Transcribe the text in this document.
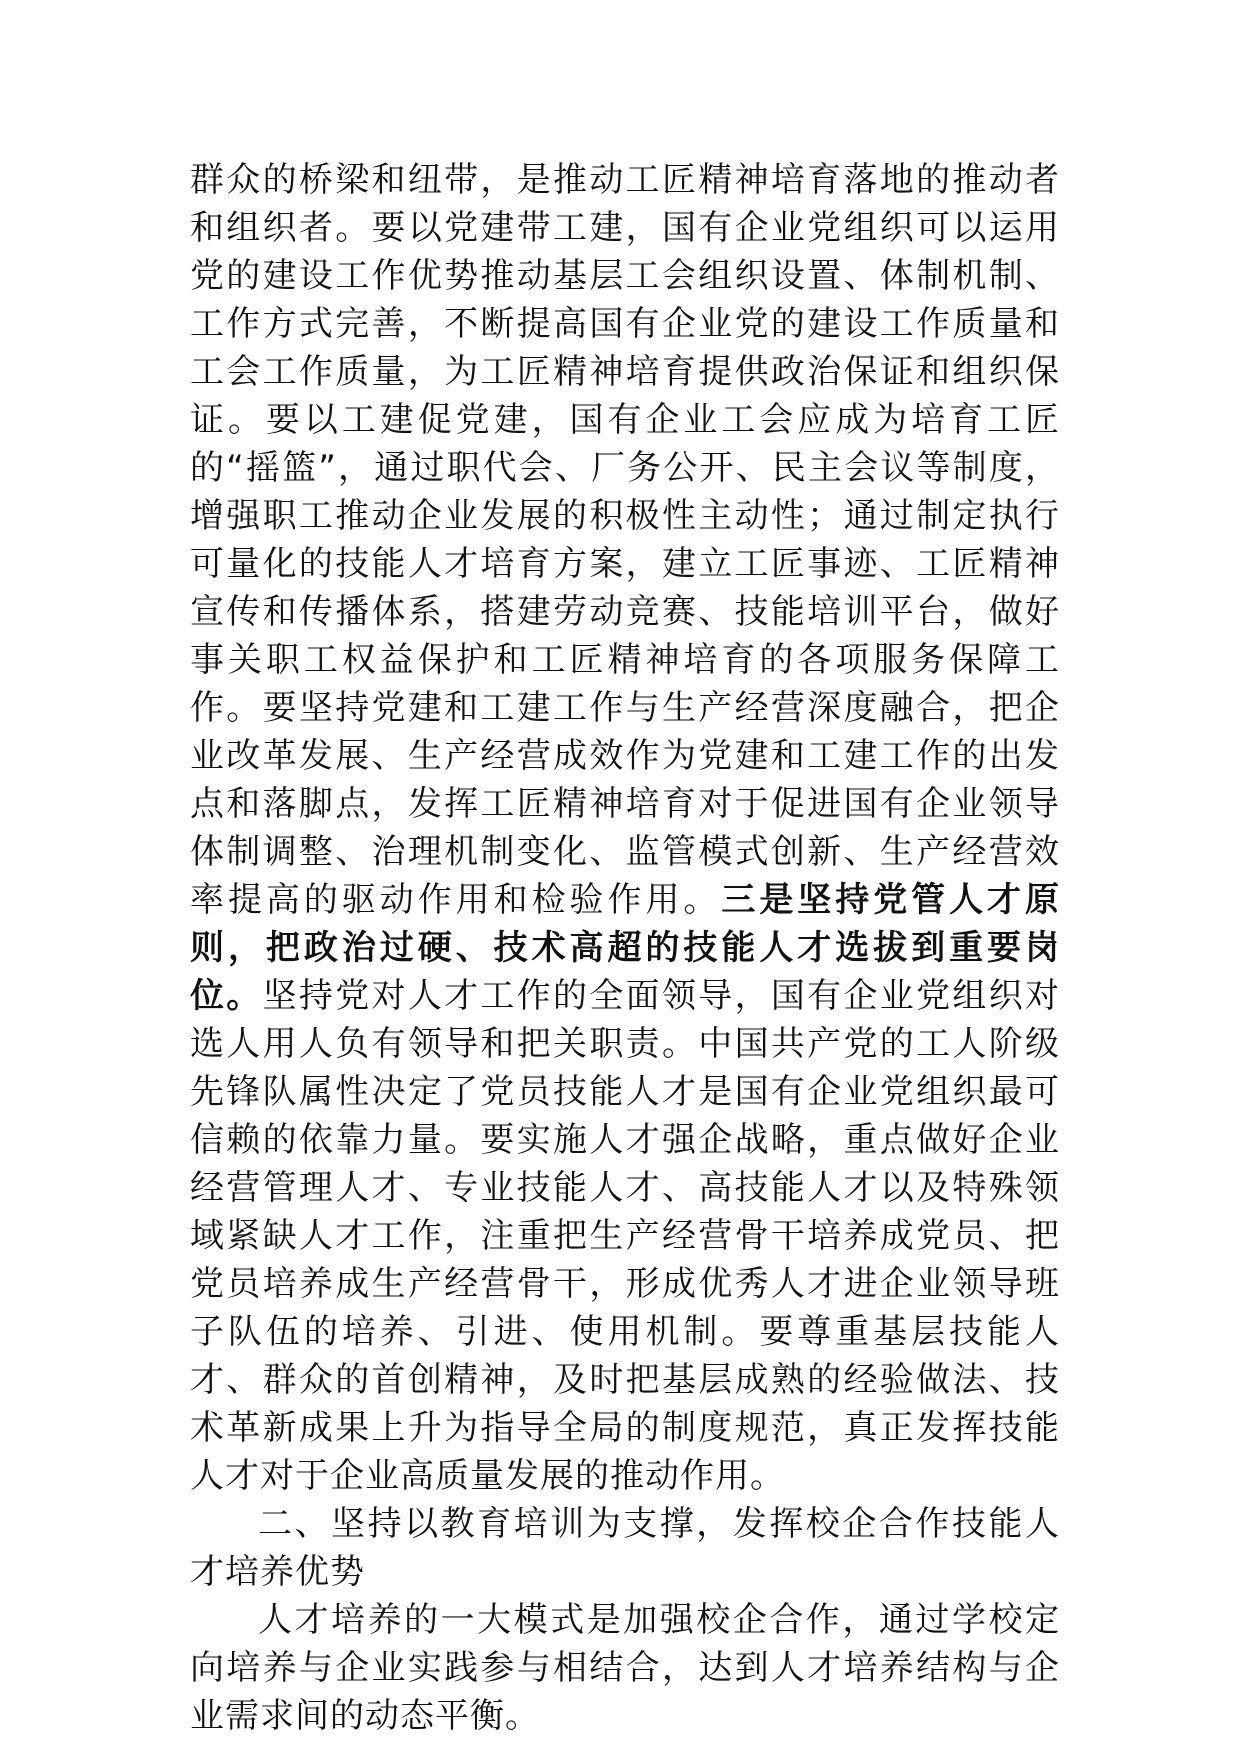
群众的桥梁和纽带，是推动工匠精神培育落地的推动者和组织者。要以党建带工建，国有企业党组织可以运用党的建设工作优势推动基层工会组织设置、体制机制、工作方式完善，不断提高国有企业党的建设工作质量和工会工作质量，为工匠精神培育提供政治保证和组织保证。要以工建促党建，国有企业工会应成为培育工匠的“摇篮”，通过职代会、厂务公开、民主会议等制度，增强职工推动企业发展的积极性主动性；通过制定执行可量化的技能人才培育方案，建立工匠事迹、工匠精神宣传和传播体系，搭建劳动竞赛、技能培训平台，做好事关职工权益保护和工匠精神培育的各项服务保障工作。要坚持党建和工建工作与生产经营深度融合，把企业改革发展、生产经营成效作为党建和工建工作的出发点和落脚点，发挥工匠精神培育对于促进国有企业领导体制调整、治理机制变化、监管模式创新、生产经营效率提高的驱动作用和检验作用。三是坚持党管人才原则，把政治过硬、技术高超的技能人才选拔到重要岗位。坚持党对人才工作的全面领导，国有企业党组织对选人用人负有领导和把关职责。中国共产党的工人阶级先锋队属性决定了党员技能人才是国有企业党组织最可信赖的依靠力量。要实施人才强企战略，重点做好企业经营管理人才、专业技能人才、高技能人才以及特殊领域紧缺人才工作，注重把生产经营骨干培养成党员、把党员培养成生产经营骨干，形成优秀人才进企业领导班子队伍的培养、引进、使用机制。要尊重基层技能人才、群众的首创精神，及时把基层成熟的经验做法、技术革新成果上升为指导全局的制度规范，真正发挥技能人才对于企业高质量发展的推动作用。

二、坚持以教育培训为支撑，发挥校企合作技能人才培养优势

人才培养的一大模式是加强校企合作，通过学校定向培养与企业实践参与相结合，达到人才培养结构与企业需求间的动态平衡。
